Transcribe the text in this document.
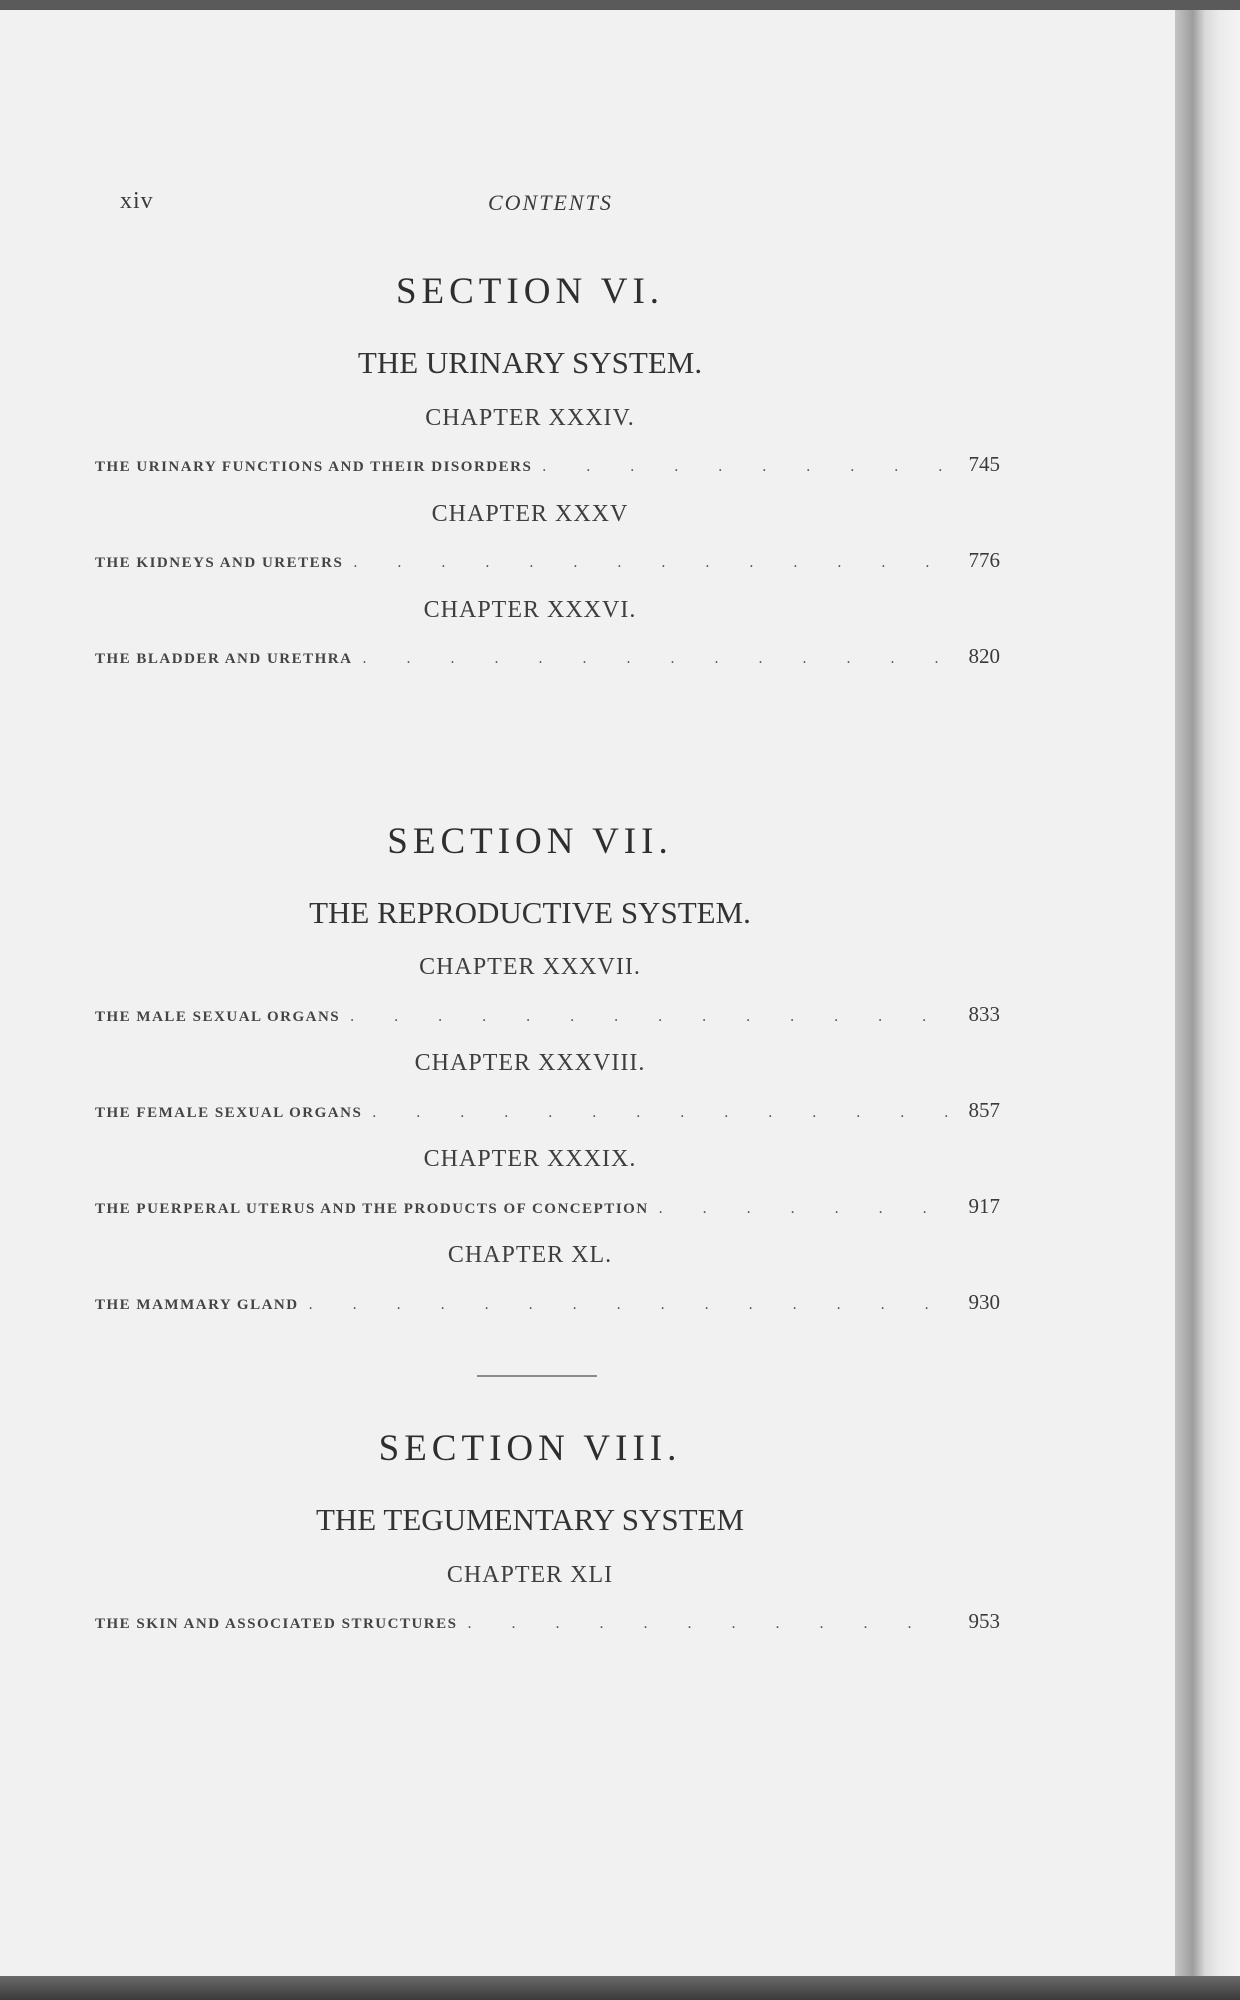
xiv	CONTENTS
SECTION VI.
THE URINARY SYSTEM.
CHAPTER XXXIV.
THE URINARY FUNCTIONS AND THEIR DISORDERS . . .	745
CHAPTER XXXV
THE KIDNEYS AND URETERS . . .	776
CHAPTER XXXVI.
THE BLADDER AND URETHRA . . .	820
SECTION VII.
THE REPRODUCTIVE SYSTEM.
CHAPTER XXXVII.
THE MALE SEXUAL ORGANS . . .	833
CHAPTER XXXVIII.
THE FEMALE SEXUAL ORGANS . . .	857
CHAPTER XXXIX.
THE PUERPERAL UTERUS AND THE PRODUCTS OF CONCEPTION . . .	917
CHAPTER XL.
THE MAMMARY GLAND . . .	930
SECTION VIII.
THE TEGUMENTARY SYSTEM
CHAPTER XLI
THE SKIN AND ASSOCIATED STRUCTURES . . .	953
